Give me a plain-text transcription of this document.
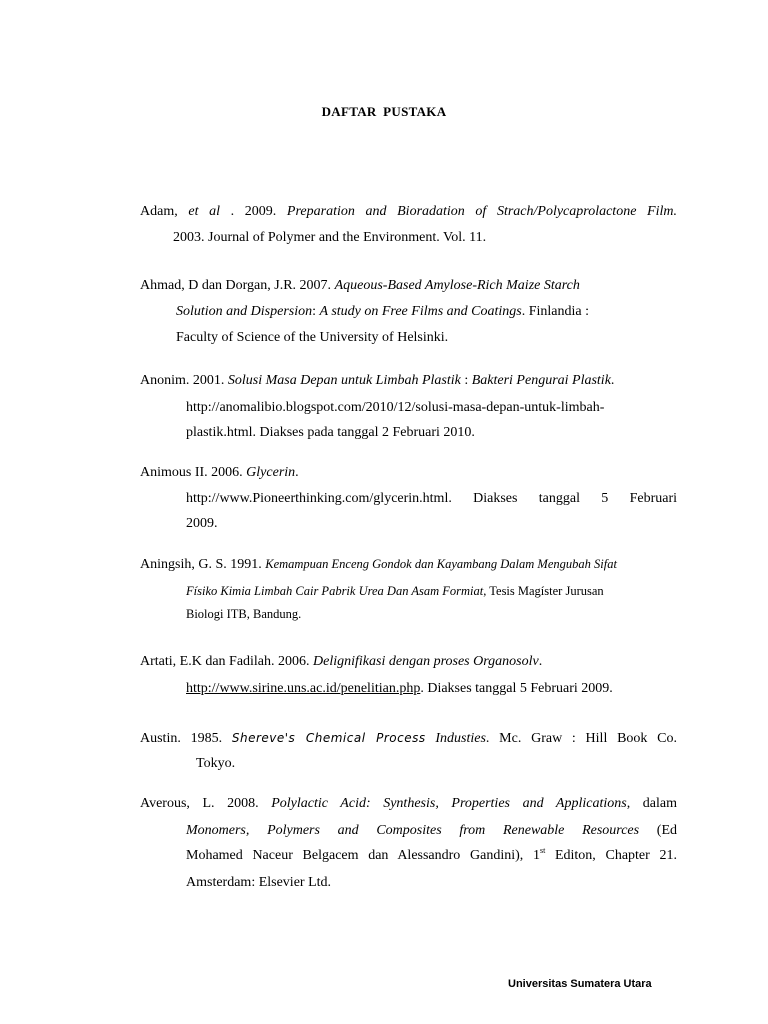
DAFTAR PUSTAKA
Adam, et al . 2009. Preparation and Bioradation of Strach/Polycaprolactone Film.
2003. Journal of Polymer and the Environment. Vol. 11.
Ahmad, D dan Dorgan, J.R. 2007. Aqueous-Based Amylose-Rich Maize Starch
Solution and Dispersion: A study on Free Films and Coatings. Finlandia :
Faculty of Science of the University of Helsinki.
Anonim. 2001. Solusi Masa Depan untuk Limbah Plastik : Bakteri Pengurai Plastik.
http://anomalibio.blogspot.com/2010/12/solusi-masa-depan-untuk-limbah-
plastik.html. Diakses pada tanggal 2 Februari 2010.
Animous II. 2006. Glycerin.
http://www.Pioneerthinking.com/glycerin.html. Diakses tanggal 5 Februari
2009.
Aningsih, G. S. 1991. Kemampuan Enceng Gondok dan Kayambang Dalam Mengubah Sifat
Físiko Kimia Limbah Cair Pabrik Urea Dan Asam Formiat, Tesis Magíster Jurusan
Biologi ITB, Bandung.
Artati, E.K dan Fadilah. 2006. Delignifikasi dengan proses Organosolv.
http://www.sirine.uns.ac.id/penelitian.php. Diakses tanggal 5 Februari 2009.
Austin. 1985. Shereve's Chemical Process Industies. Mc. Graw : Hill Book Co.
Tokyo.
Averous, L. 2008. Polylactic Acid: Synthesis, Properties and Applications, dalam
Monomers, Polymers and Composites from Renewable Resources (Ed
Mohamed Naceur Belgacem dan Alessandro Gandini), 1st Editon, Chapter 21.
Amsterdam: Elsevier Ltd.
Universitas Sumatera Utara
